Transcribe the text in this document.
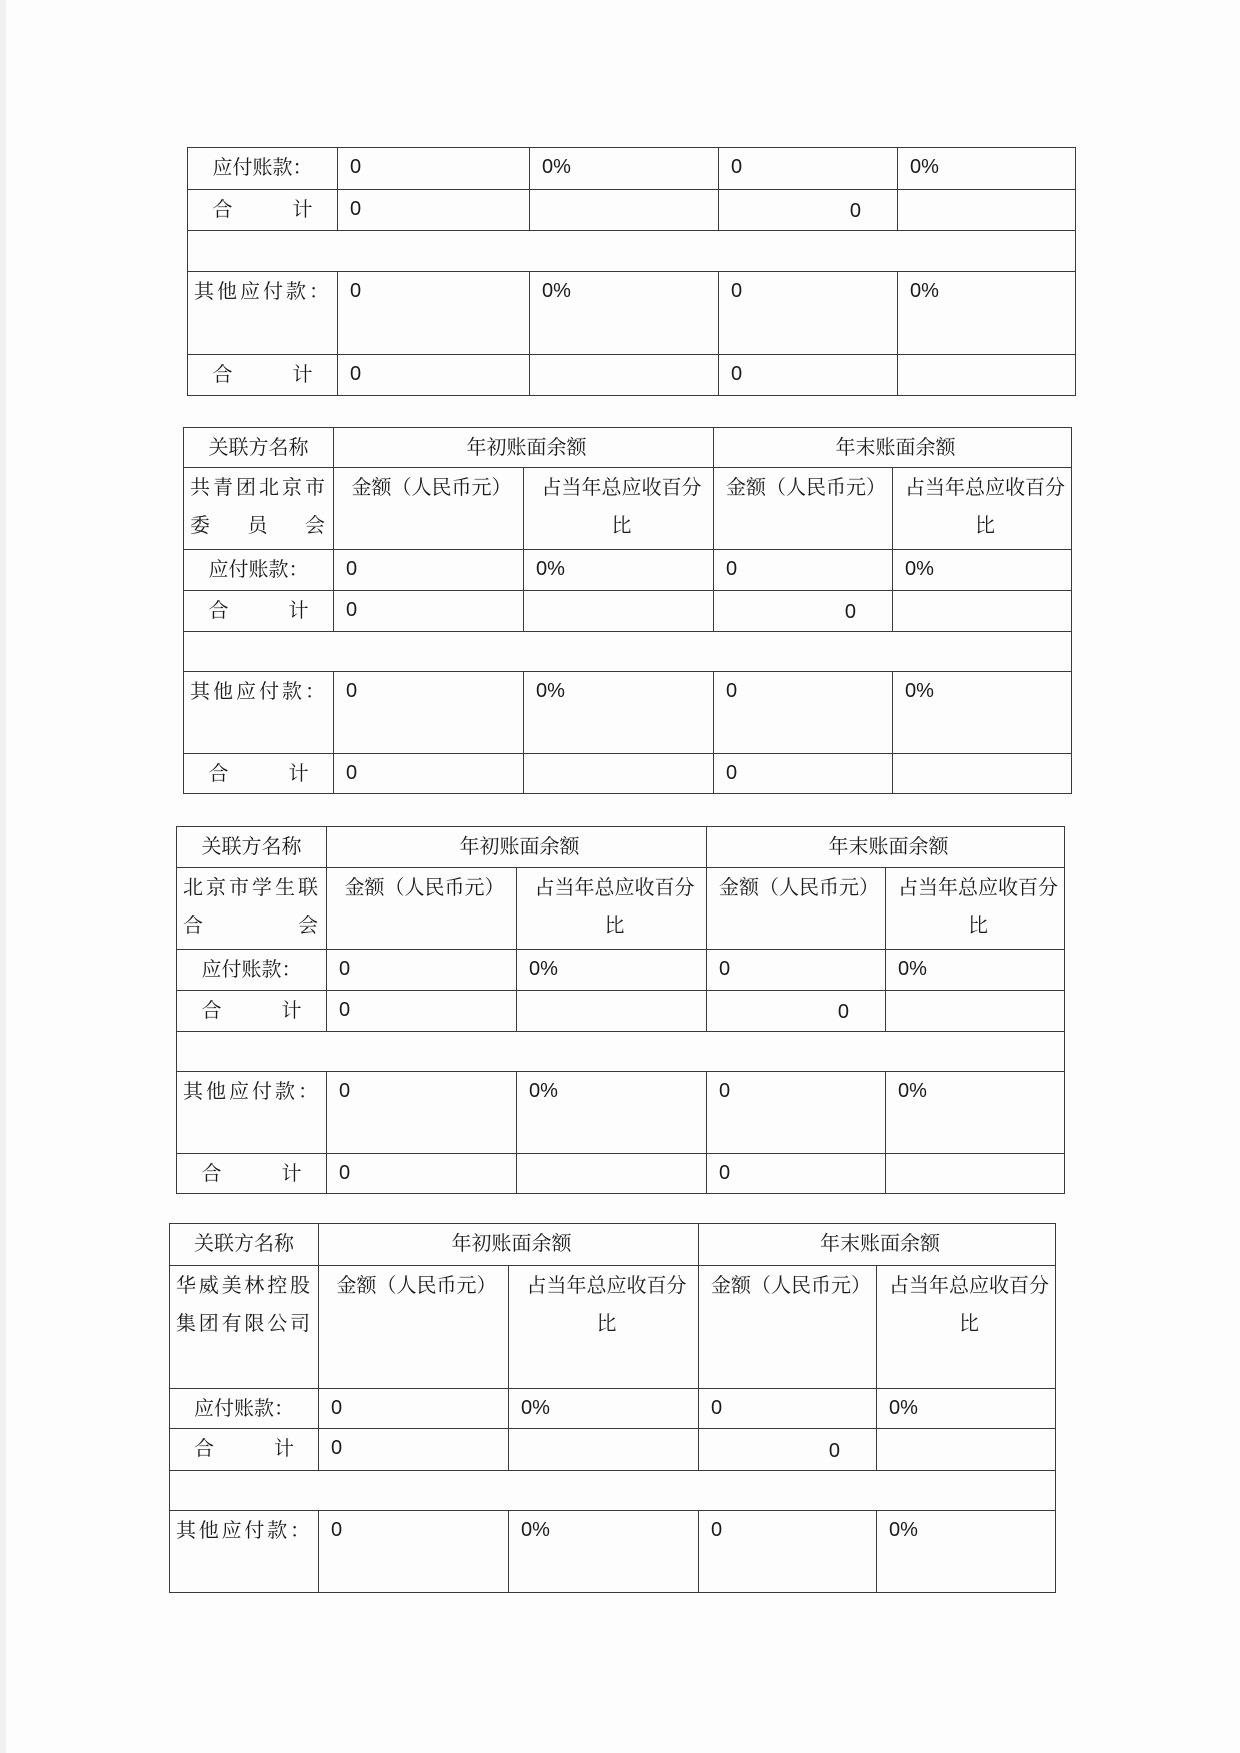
应付账款：	0	0%	0	0%
合 计	0		0	

其他应付款：	0	0%	0	0%
合 计	0		0	
关联方名称	年初账面余额		年末账面余额	
共青团北京市委员会	金额（人民币元）	占当年总应收百分比	金额（人民币元）	占当年总应收百分比
应付账款：	0	0%	0	0%
合 计	0		0	

其他应付款：	0	0%	0	0%
合 计	0		0	
关联方名称	年初账面余额		年末账面余额	
北京市学生联合会	金额（人民币元）	占当年总应收百分比	金额（人民币元）	占当年总应收百分比
应付账款：	0	0%	0	0%
合 计	0		0	

其他应付款：	0	0%	0	0%
合 计	0		0	
关联方名称	年初账面余额		年末账面余额	
华威美林控股集团有限公司	金额（人民币元）	占当年总应收百分比	金额（人民币元）	占当年总应收百分比
应付账款：	0	0%	0	0%
合 计	0		0	

其他应付款：	0	0%	0	0%
